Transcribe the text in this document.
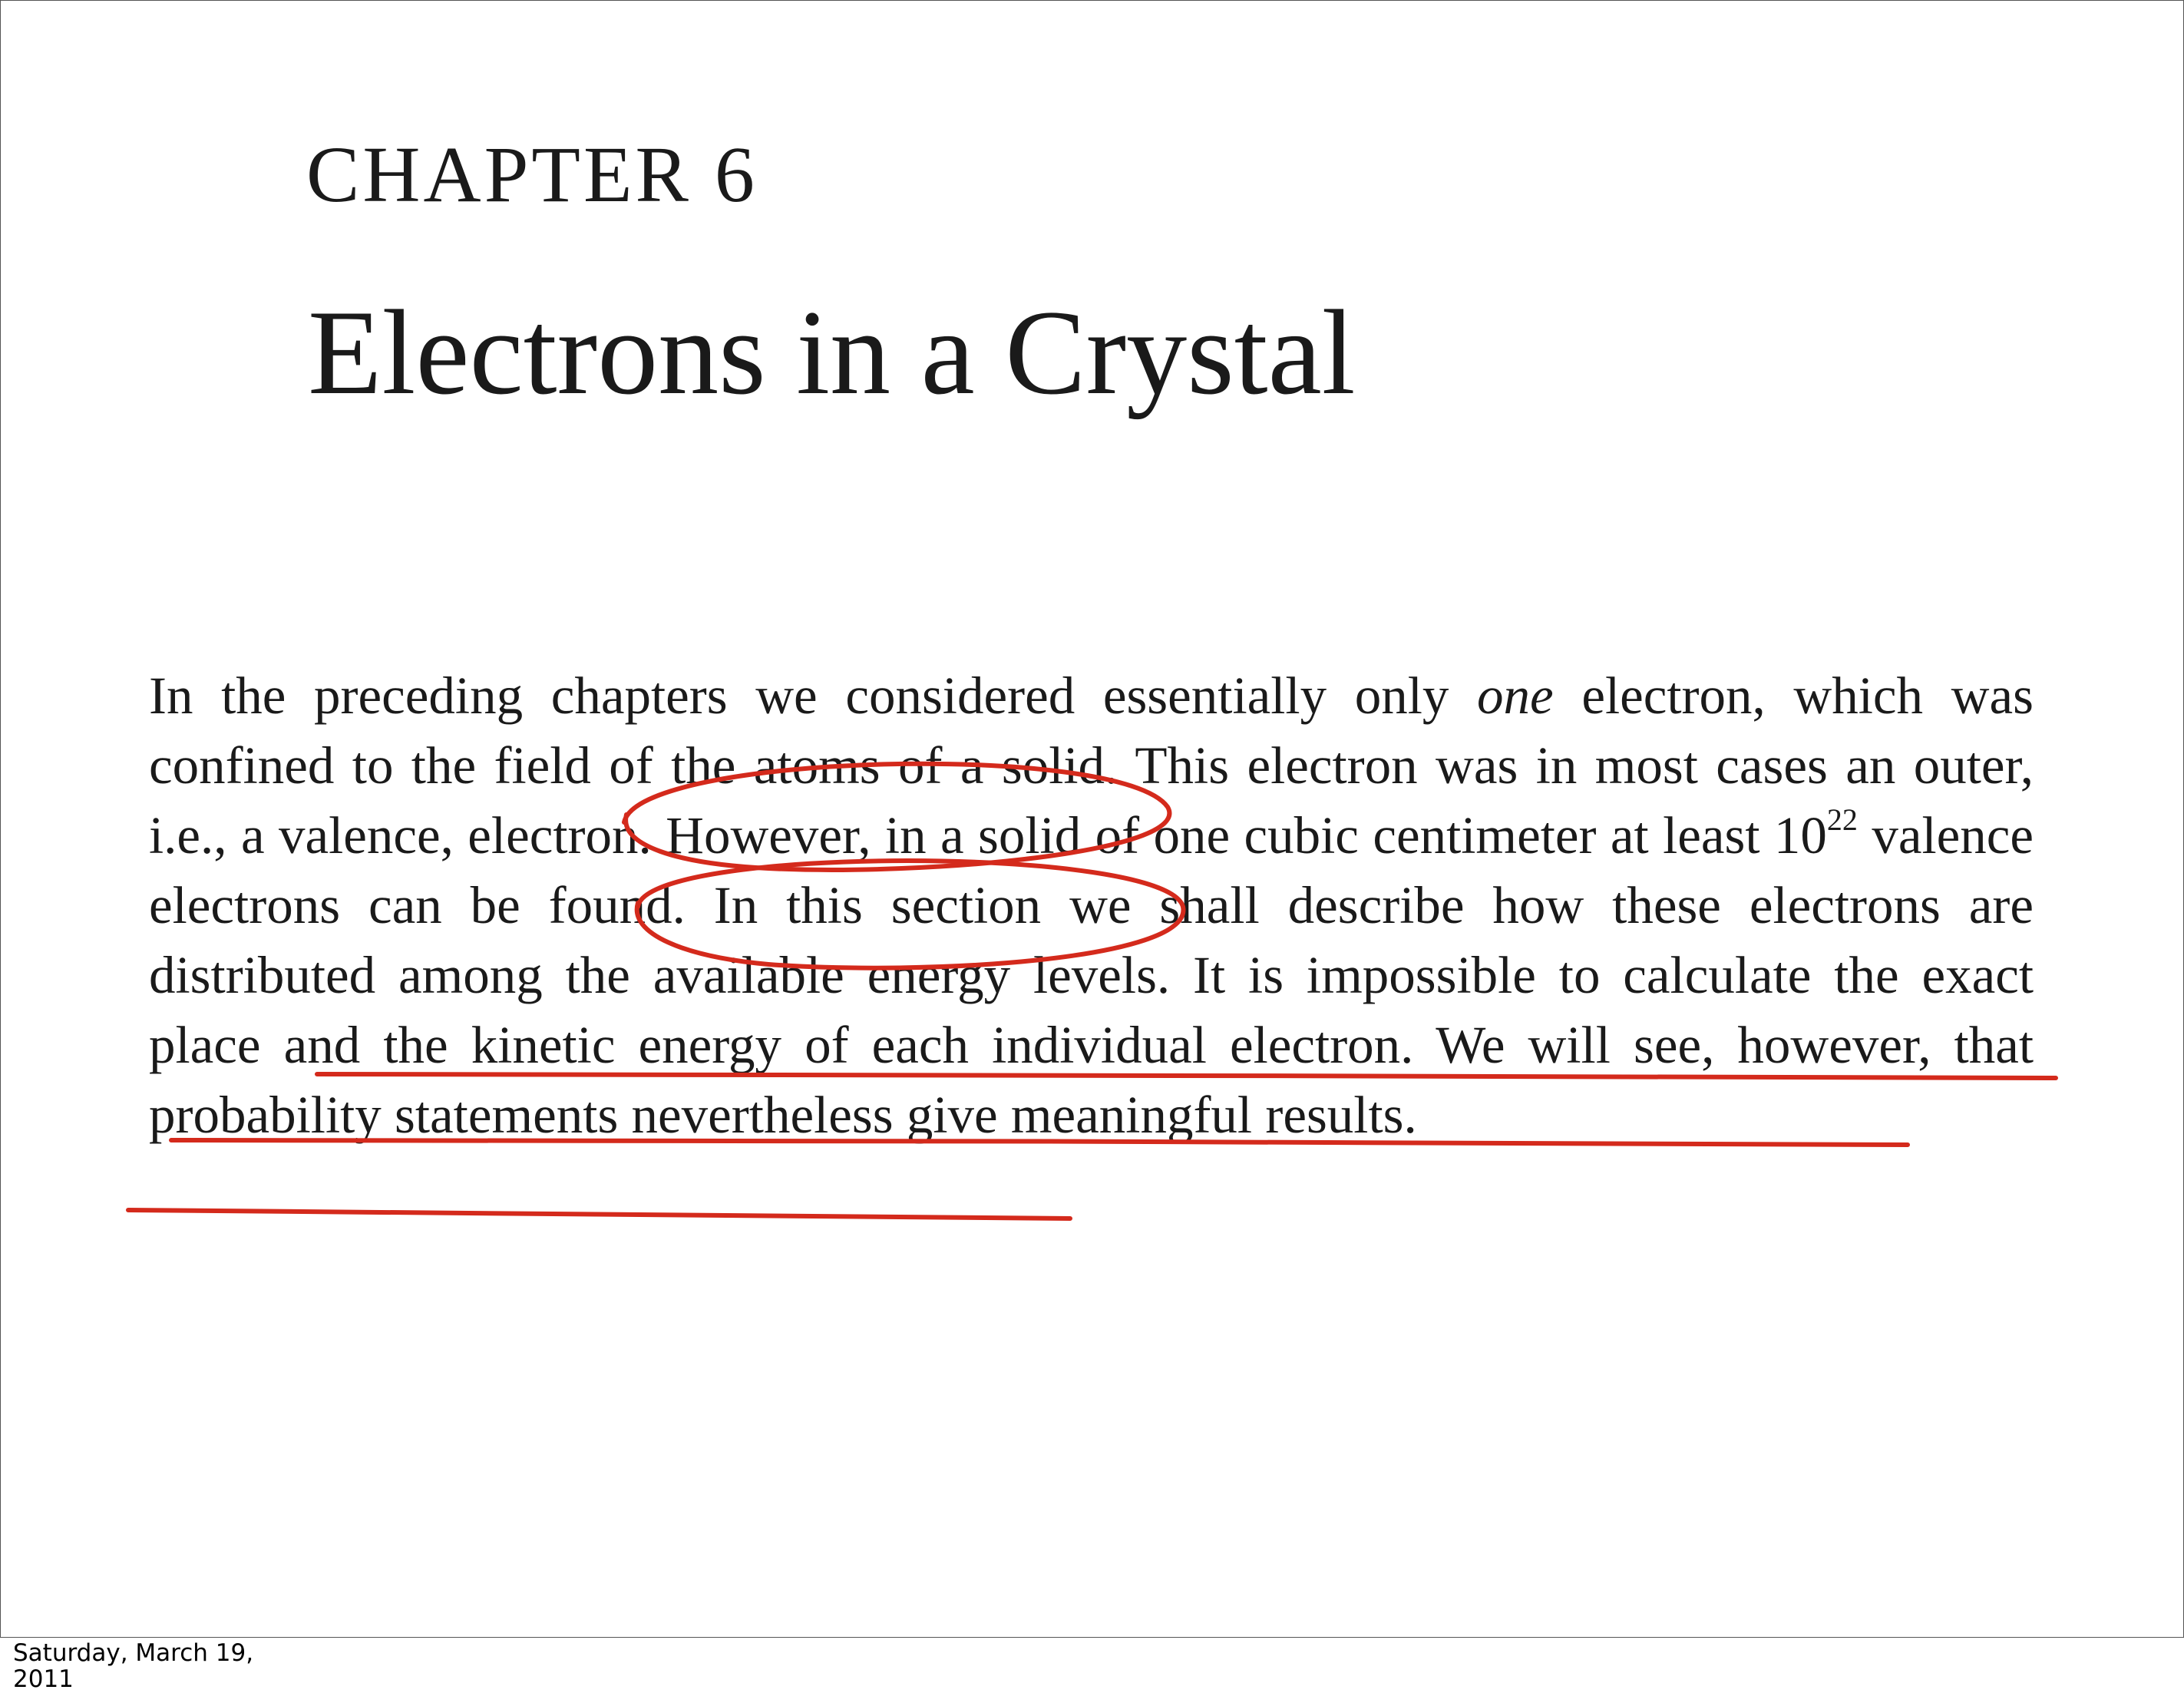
CHAPTER 6
Electrons in a Crystal

In the preceding chapters we considered essentially only one electron, which was confined to the field of the atoms of a solid. This electron was in most cases an outer, i.e., a valence, electron. However, in a solid of one cubic centimeter at least $10^{22}$ valence electrons can be found. In this section we shall describe how these electrons are distributed among the available energy levels. It is impossible to calculate the exact place and the kinetic energy of each individual electron. We will see, however, that probability statements nevertheless give meaningful results.

Saturday, March 19, 2011
